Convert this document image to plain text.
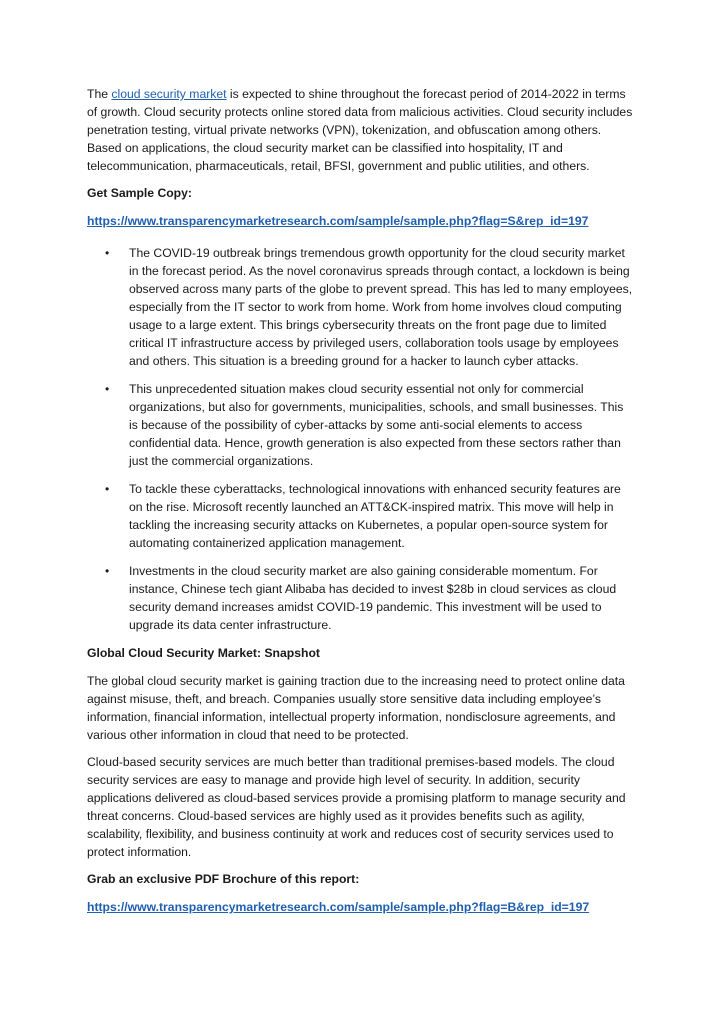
The cloud security market is expected to shine throughout the forecast period of 2014-2022 in terms of growth. Cloud security protects online stored data from malicious activities. Cloud security includes penetration testing, virtual private networks (VPN), tokenization, and obfuscation among others. Based on applications, the cloud security market can be classified into hospitality, IT and telecommunication, pharmaceuticals, retail, BFSI, government and public utilities, and others.

Get Sample Copy:

https://www.transparencymarketresearch.com/sample/sample.php?flag=S&rep_id=197

• The COVID-19 outbreak brings tremendous growth opportunity for the cloud security market in the forecast period. As the novel coronavirus spreads through contact, a lockdown is being observed across many parts of the globe to prevent spread. This has led to many employees, especially from the IT sector to work from home. Work from home involves cloud computing usage to a large extent. This brings cybersecurity threats on the front page due to limited critical IT infrastructure access by privileged users, collaboration tools usage by employees and others. This situation is a breeding ground for a hacker to launch cyber attacks.
• This unprecedented situation makes cloud security essential not only for commercial organizations, but also for governments, municipalities, schools, and small businesses. This is because of the possibility of cyber-attacks by some anti-social elements to access confidential data. Hence, growth generation is also expected from these sectors rather than just the commercial organizations.
• To tackle these cyberattacks, technological innovations with enhanced security features are on the rise. Microsoft recently launched an ATT&CK-inspired matrix. This move will help in tackling the increasing security attacks on Kubernetes, a popular open-source system for automating containerized application management.
• Investments in the cloud security market are also gaining considerable momentum. For instance, Chinese tech giant Alibaba has decided to invest $28b in cloud services as cloud security demand increases amidst COVID-19 pandemic. This investment will be used to upgrade its data center infrastructure.

Global Cloud Security Market: Snapshot

The global cloud security market is gaining traction due to the increasing need to protect online data against misuse, theft, and breach. Companies usually store sensitive data including employee’s information, financial information, intellectual property information, nondisclosure agreements, and various other information in cloud that need to be protected.

Cloud-based security services are much better than traditional premises-based models. The cloud security services are easy to manage and provide high level of security. In addition, security applications delivered as cloud-based services provide a promising platform to manage security and threat concerns. Cloud-based services are highly used as it provides benefits such as agility, scalability, flexibility, and business continuity at work and reduces cost of security services used to protect information.

Grab an exclusive PDF Brochure of this report:

https://www.transparencymarketresearch.com/sample/sample.php?flag=B&rep_id=197
